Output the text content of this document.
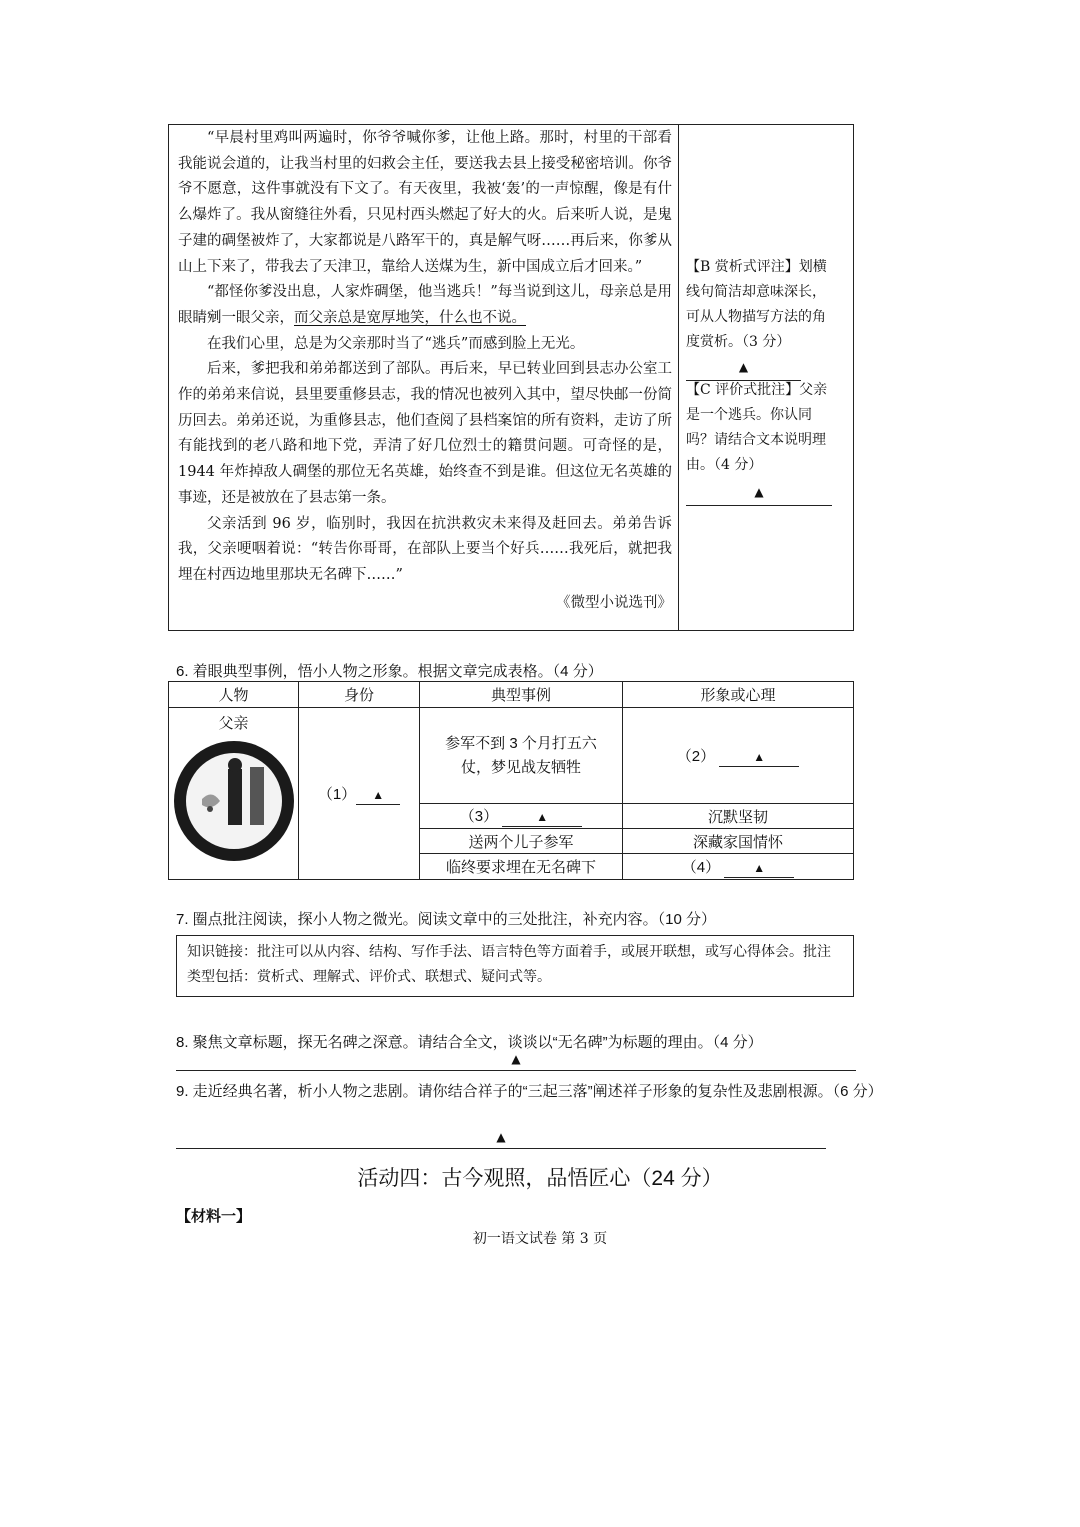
“早晨村里鸡叫两遍时，你爷爷喊你爹，让他上路。那时，村里的干部看我能说会道的，让我当村里的妇救会主任，要送我去县上接受秘密培训。你爷爷不愿意，这件事就没有下文了。有天夜里，我被‘轰’的一声惊醒，像是有什么爆炸了。我从窗缝往外看，只见村西头燃起了好大的火。后来听人说，是鬼子建的碉堡被炸了，大家都说是八路军干的，真是解气呀……再后来，你爹从山上下来了，带我去了天津卫，靠给人送煤为生，新中国成立后才回来。”

“都怪你爹没出息，人家炸碉堡，他当逃兵！”每当说到这儿，母亲总是用眼睛剜一眼父亲，而父亲总是宽厚地笑，什么也不说。

在我们心里，总是为父亲那时当了“逃兵”而感到脸上无光。

后来，爹把我和弟弟都送到了部队。再后来，早已转业回到县志办公室工作的弟弟来信说，县里要重修县志，我的情况也被列入其中，望尽快邮一份简历回去。弟弟还说，为重修县志，他们查阅了县档案馆的所有资料，走访了所有能找到的老八路和地下党，弄清了好几位烈士的籍贯问题。可奇怪的是，1944 年炸掉敌人碉堡的那位无名英雄，始终查不到是谁。但这位无名英雄的事迹，还是被放在了县志第一条。

父亲活到 96 岁，临别时，我因在抗洪救灾未来得及赶回去。弟弟告诉我，父亲哽咽着说：“转告你哥哥，在部队上要当个好兵……我死后，就把我埋在村西边地里那块无名碑下……”

《微型小说选刊》
【B 赏析式评注】划横线句简洁却意味深长，可从人物描写方法的角度赏析。（3 分）
▲
【C 评价式批注】父亲是一个逃兵。你认同吗？请结合文本说明理由。（4 分）
▲
6. 着眼典型事例，悟小人物之形象。根据文章完成表格。（4 分）
人物	身份	典型事例	形象或心理

父亲	（1） ▲	参军不到 3 个月打五六仗，梦见战友牺牲	（2） ▲
		（3） ▲	沉默坚韧
		送两个儿子参军	深藏家国情怀
		临终要求埋在无名碑下	（4） ▲
7. 圈点批注阅读，探小人物之微光。阅读文章中的三处批注，补充内容。（10 分）
知识链接：批注可以从内容、结构、写作手法、语言特色等方面着手，或展开联想，或写心得体会。批注类型包括：赏析式、理解式、评价式、联想式、疑问式等。
8. 聚焦文章标题，探无名碑之深意。请结合全文，谈谈以“无名碑”为标题的理由。（4 分）
▲
9. 走近经典名著，析小人物之悲剧。请你结合祥子的“三起三落”阐述祥子形象的复杂性及悲剧根源。（6 分）
▲
活动四：古今观照，品悟匠心（24 分）
【材料一】
初一语文试卷 第 3 页
